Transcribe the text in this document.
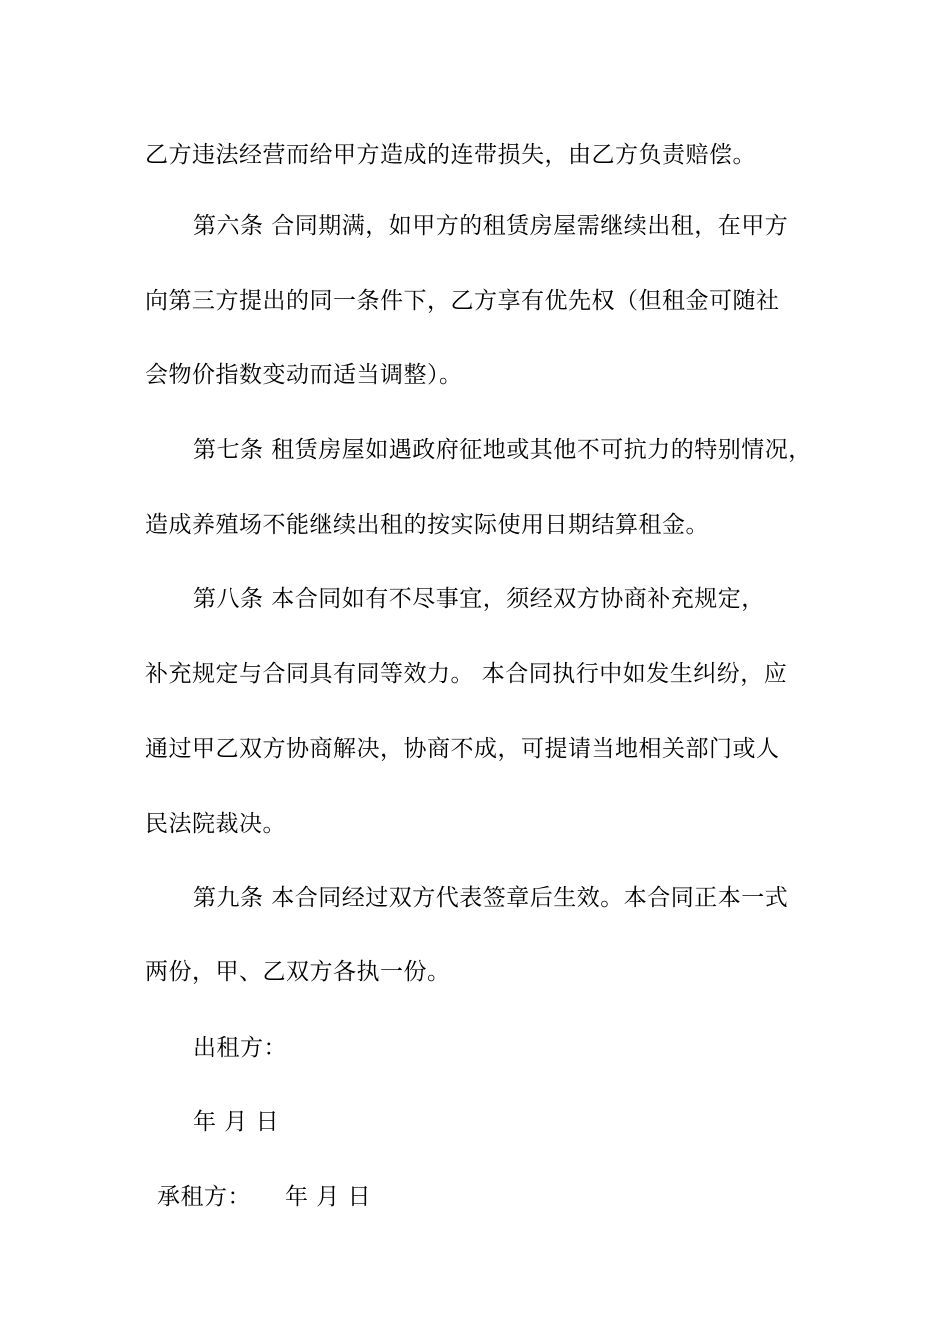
乙方违法经营而给甲方造成的连带损失，由乙方负责赔偿。
第六条 合同期满，如甲方的租赁房屋需继续出租，在甲方
向第三方提出的同一条件下，乙方享有优先权（但租金可随社
会物价指数变动而适当调整）。
第七条 租赁房屋如遇政府征地或其他不可抗力的特别情况，
造成养殖场不能继续出租的按实际使用日期结算租金。
第八条 本合同如有不尽事宜，须经双方协商补充规定，
补充规定与合同具有同等效力。 本合同执行中如发生纠纷，应
通过甲乙双方协商解决，协商不成，可提请当地相关部门或人
民法院裁决。
第九条 本合同经过双方代表签章后生效。本合同正本一式
两份，甲、乙双方各执一份。
出租方：
年 月 日
承租方： 年 月 日
